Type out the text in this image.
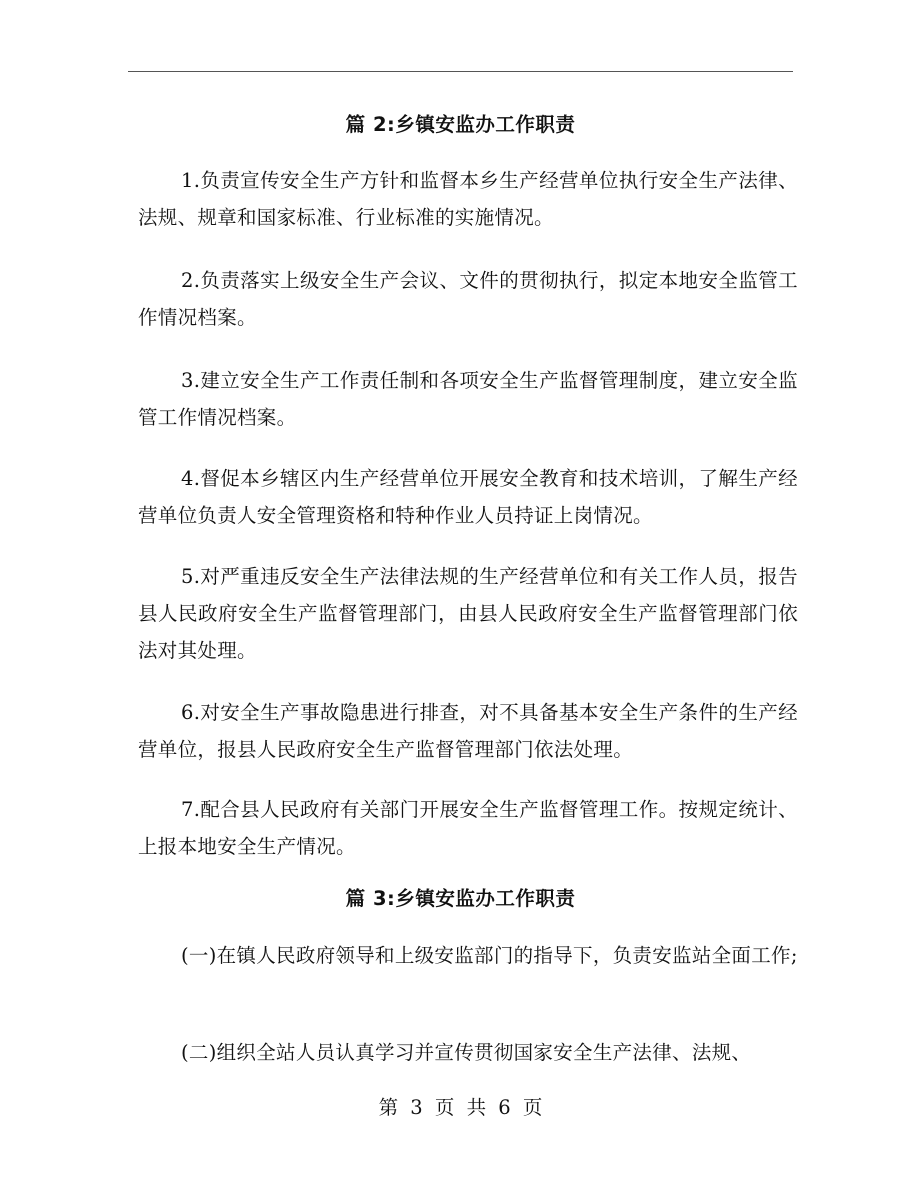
篇 2:乡镇安监办工作职责

1.负责宣传安全生产方针和监督本乡生产经营单位执行安全生产法律、法规、规章和国家标准、行业标准的实施情况。

2.负责落实上级安全生产会议、文件的贯彻执行，拟定本地安全监管工作情况档案。

3.建立安全生产工作责任制和各项安全生产监督管理制度，建立安全监管工作情况档案。

4.督促本乡辖区内生产经营单位开展安全教育和技术培训，了解生产经营单位负责人安全管理资格和特种作业人员持证上岗情况。

5.对严重违反安全生产法律法规的生产经营单位和有关工作人员，报告县人民政府安全生产监督管理部门，由县人民政府安全生产监督管理部门依法对其处理。

6.对安全生产事故隐患进行排查，对不具备基本安全生产条件的生产经营单位，报县人民政府安全生产监督管理部门依法处理。

7.配合县人民政府有关部门开展安全生产监督管理工作。按规定统计、上报本地安全生产情况。

篇 3:乡镇安监办工作职责

(一)在镇人民政府领导和上级安监部门的指导下，负责安监站全面工作;

(二)组织全站人员认真学习并宣传贯彻国家安全生产法律、法规、

第 3 页 共 6 页
